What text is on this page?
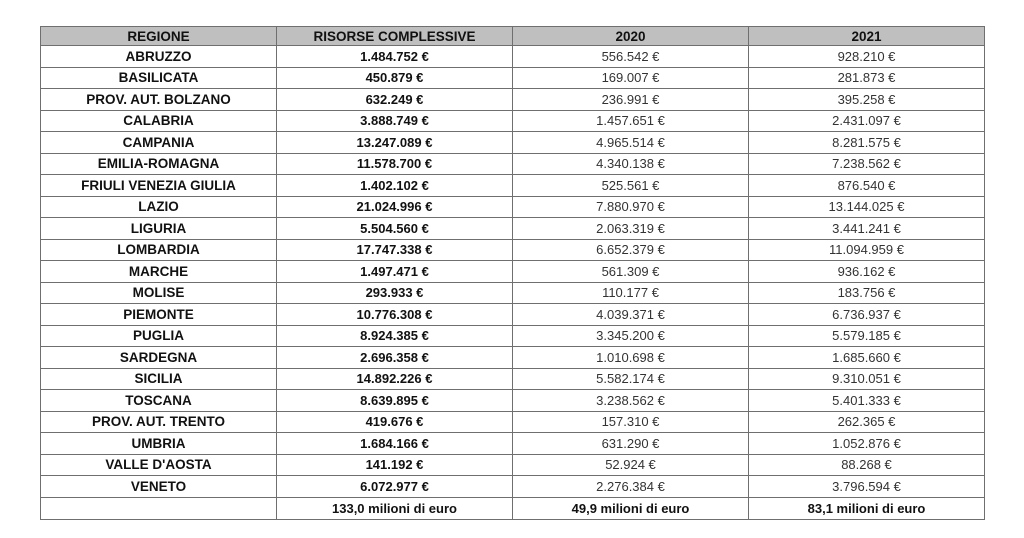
REGIONE	RISORSE COMPLESSIVE	2020	2021
ABRUZZO	1.484.752 €	556.542 €	928.210 €
BASILICATA	450.879 €	169.007 €	281.873 €
PROV. AUT. BOLZANO	632.249 €	236.991 €	395.258 €
CALABRIA	3.888.749 €	1.457.651 €	2.431.097 €
CAMPANIA	13.247.089 €	4.965.514 €	8.281.575 €
EMILIA-ROMAGNA	11.578.700 €	4.340.138 €	7.238.562 €
FRIULI VENEZIA GIULIA	1.402.102 €	525.561 €	876.540 €
LAZIO	21.024.996 €	7.880.970 €	13.144.025 €
LIGURIA	5.504.560 €	2.063.319 €	3.441.241 €
LOMBARDIA	17.747.338 €	6.652.379 €	11.094.959 €
MARCHE	1.497.471 €	561.309 €	936.162 €
MOLISE	293.933 €	110.177 €	183.756 €
PIEMONTE	10.776.308 €	4.039.371 €	6.736.937 €
PUGLIA	8.924.385 €	3.345.200 €	5.579.185 €
SARDEGNA	2.696.358 €	1.010.698 €	1.685.660 €
SICILIA	14.892.226 €	5.582.174 €	9.310.051 €
TOSCANA	8.639.895 €	3.238.562 €	5.401.333 €
PROV. AUT. TRENTO	419.676 €	157.310 €	262.365 €
UMBRIA	1.684.166 €	631.290 €	1.052.876 €
VALLE D'AOSTA	141.192 €	52.924 €	88.268 €
VENETO	6.072.977 €	2.276.384 €	3.796.594 €
	133,0 milioni di euro	49,9 milioni di euro	83,1 milioni di euro
